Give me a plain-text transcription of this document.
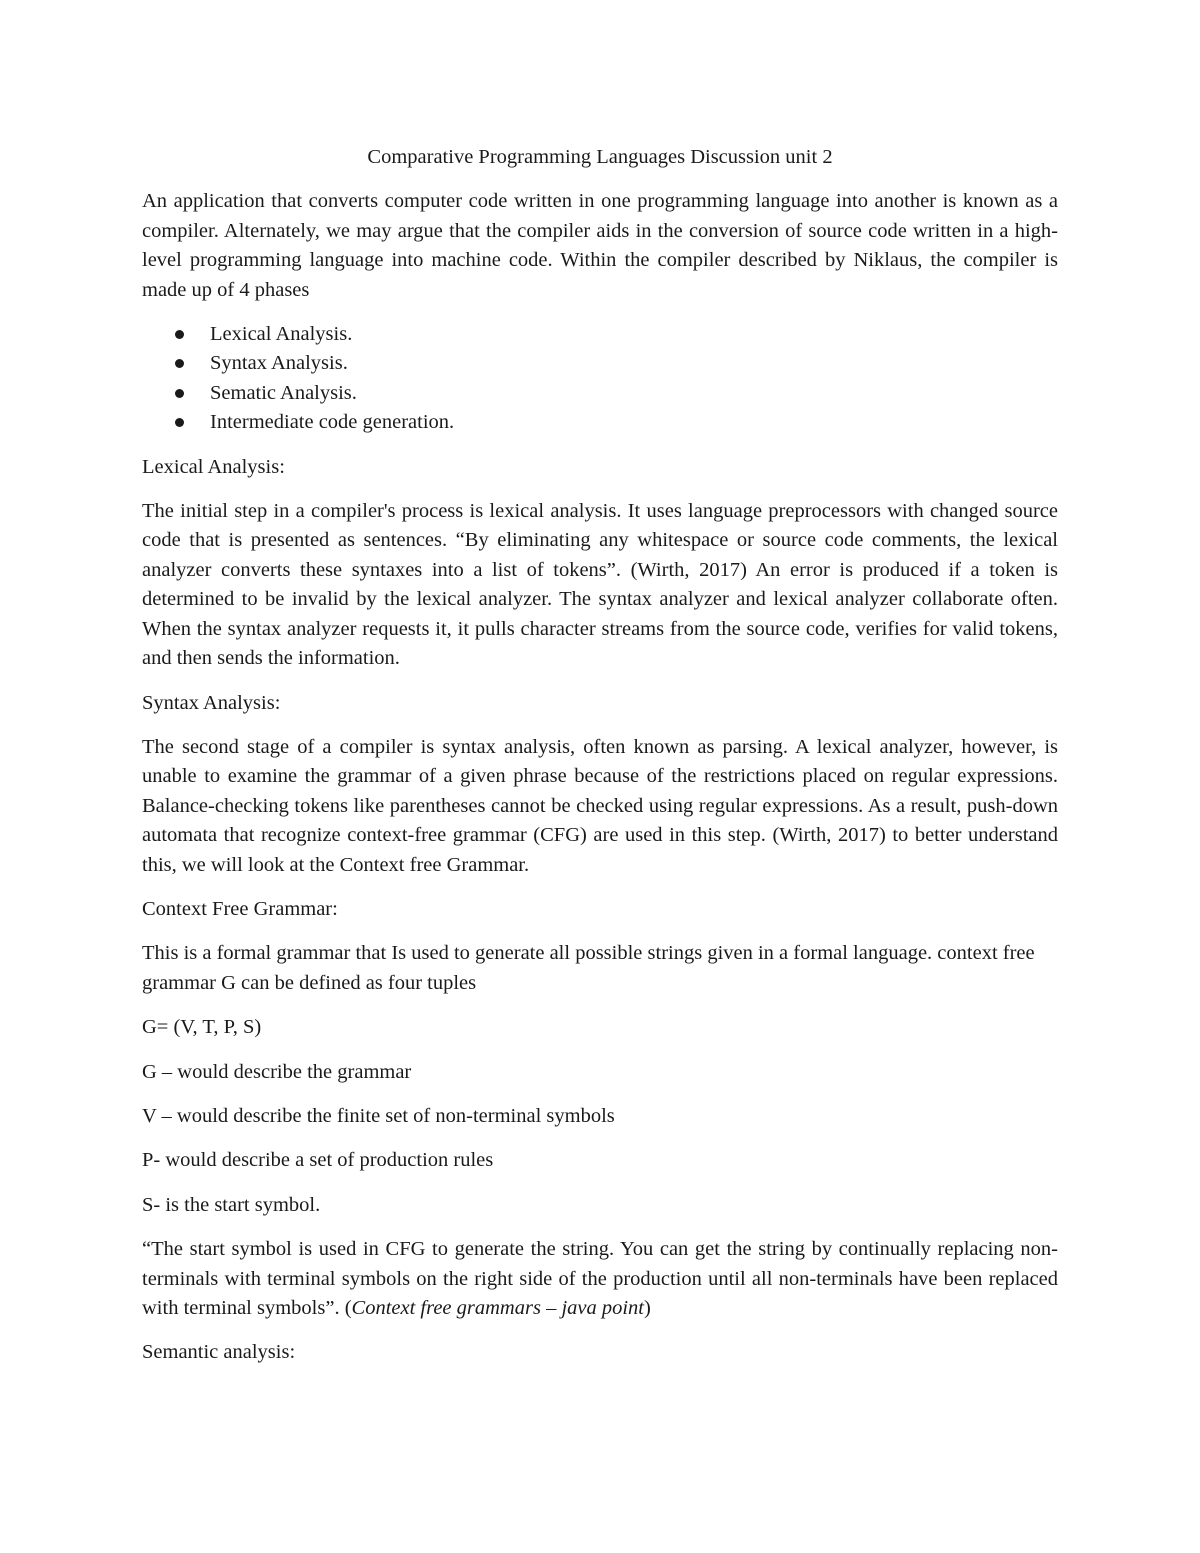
Comparative Programming Languages Discussion unit 2

An application that converts computer code written in one programming language into another is known as a compiler. Alternately, we may argue that the compiler aids in the conversion of source code written in a high-level programming language into machine code. Within the compiler described by Niklaus, the compiler is made up of 4 phases

Lexical Analysis.
Syntax Analysis.
Sematic Analysis.
Intermediate code generation.

Lexical Analysis:

The initial step in a compiler's process is lexical analysis. It uses language preprocessors with changed source code that is presented as sentences. “By eliminating any whitespace or source code comments, the lexical analyzer converts these syntaxes into a list of tokens”. (Wirth, 2017) An error is produced if a token is determined to be invalid by the lexical analyzer. The syntax analyzer and lexical analyzer collaborate often. When the syntax analyzer requests it, it pulls character streams from the source code, verifies for valid tokens, and then sends the information.

Syntax Analysis:

The second stage of a compiler is syntax analysis, often known as parsing. A lexical analyzer, however, is unable to examine the grammar of a given phrase because of the restrictions placed on regular expressions. Balance-checking tokens like parentheses cannot be checked using regular expressions. As a result, push-down automata that recognize context-free grammar (CFG) are used in this step. (Wirth, 2017) to better understand this, we will look at the Context free Grammar.

Context Free Grammar:

This is a formal grammar that Is used to generate all possible strings given in a formal language. context free grammar G can be defined as four tuples

G= (V, T, P, S)

G – would describe the grammar

V – would describe the finite set of non-terminal symbols

P- would describe a set of production rules

S- is the start symbol.

“The start symbol is used in CFG to generate the string. You can get the string by continually replacing non-terminals with terminal symbols on the right side of the production until all non-terminals have been replaced with terminal symbols”. (Context free grammars – java point)

Semantic analysis:
